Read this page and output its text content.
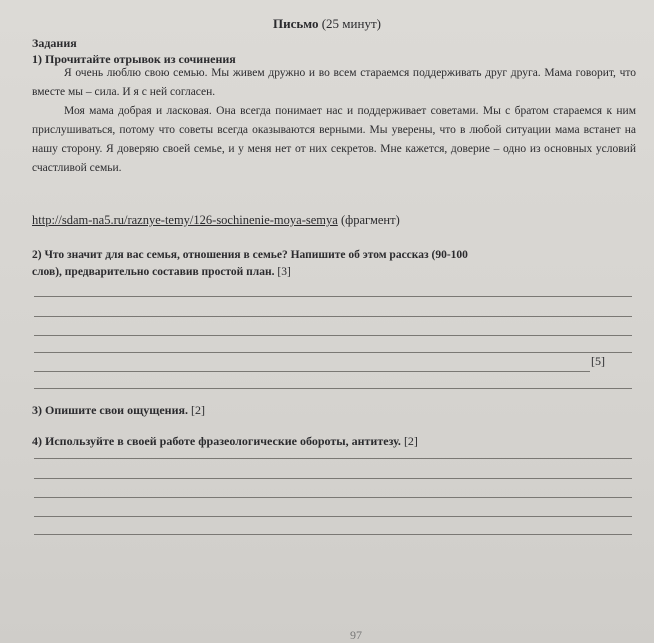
Письмо (25 минут)
Задания
1) Прочитайте отрывок из сочинения

Я очень люблю свою семью. Мы живем дружно и во всем стараемся поддерживать друг друга. Мама говорит, что вместе мы – сила. И я с ней согласен.

Моя мама добрая и ласковая. Она всегда понимает нас и поддерживает советами. Мы с братом стараемся к ним прислушиваться, потому что советы всегда оказываются верными. Мы уверены, что в любой ситуации мама встанет на нашу сторону. Я доверяю своей семье, и у меня нет от них секретов. Мне кажется, доверие – одно из основных условий счастливой семьи.

http://sdam-na5.ru/raznye-temy/126-sochinenie-moya-semya (фрагмент)
2) Что значит для вас семья, отношения в семье? Напишите об этом рассказ (90-100
слов), предварительно составив простой план. [3]
[5]
3) Опишите свои ощущения. [2]
4) Используйте в своей работе фразеологические обороты, антитезу. [2]
97
